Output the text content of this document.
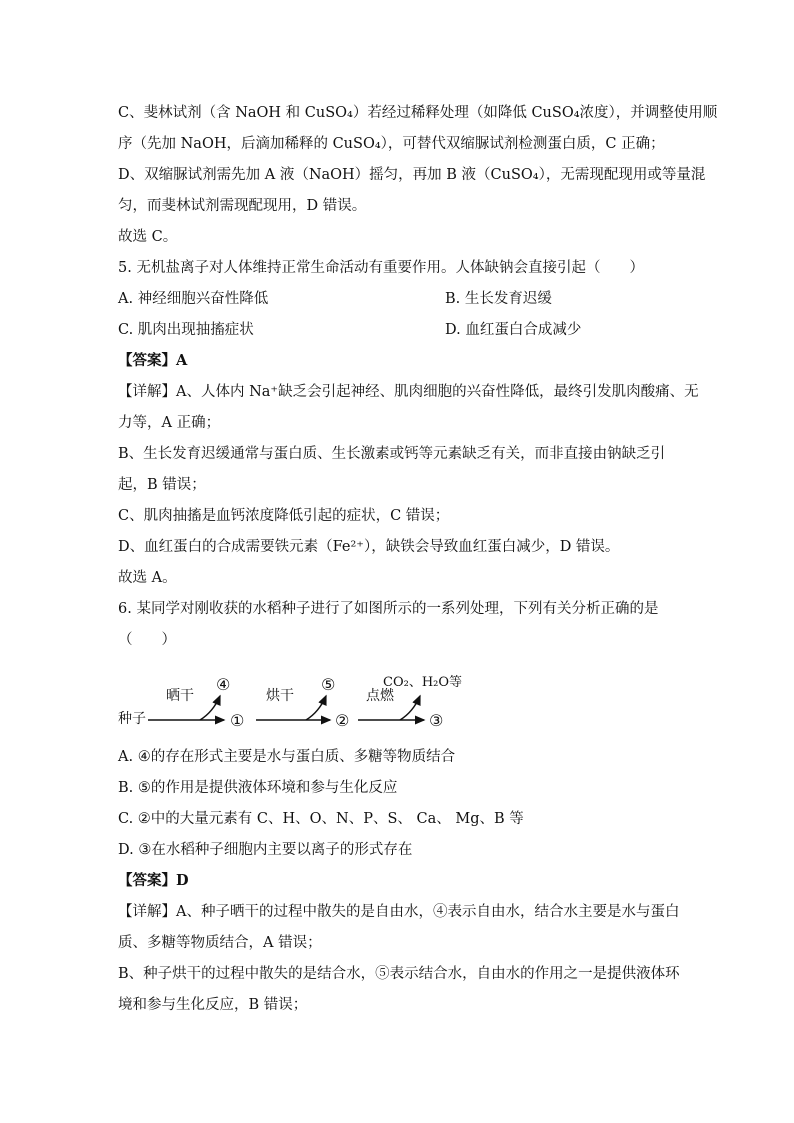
C、斐林试剂（含 NaOH 和 CuSO₄）若经过稀释处理（如降低 CuSO₄浓度），并调整使用顺
序（先加 NaOH，后滴加稀释的 CuSO₄），可替代双缩脲试剂检测蛋白质，C 正确；
D、双缩脲试剂需先加 A 液（NaOH）摇匀，再加 B 液（CuSO₄），无需现配现用或等量混
匀，而斐林试剂需现配现用，D 错误。
故选 C。
5. 无机盐离子对人体维持正常生命活动有重要作用。人体缺钠会直接引起（　　）
A. 神经细胞兴奋性降低	B. 生长发育迟缓
C. 肌肉出现抽搐症状	D. 血红蛋白合成减少
【答案】A
【详解】A、人体内 Na⁺缺乏会引起神经、肌肉细胞的兴奋性降低，最终引发肌肉酸痛、无
力等，A 正确；
B、生长发育迟缓通常与蛋白质、生长激素或钙等元素缺乏有关，而非直接由钠缺乏引
起，B 错误；
C、肌肉抽搐是血钙浓度降低引起的症状，C 错误；
D、血红蛋白的合成需要铁元素（Fe²⁺），缺铁会导致血红蛋白减少，D 错误。
故选 A。
6. 某同学对刚收获的水稻种子进行了如图所示的一系列处理，下列有关分析正确的是
（　　）
种子
晒干
④
①
烘干
⑤
②
点燃
CO₂、H₂O等
③
A. ④的存在形式主要是水与蛋白质、多糖等物质结合
B. ⑤的作用是提供液体环境和参与生化反应
C. ②中的大量元素有 C、H、O、N、P、S、 Ca、 Mg、B 等
D. ③在水稻种子细胞内主要以离子的形式存在
【答案】D
【详解】A、种子晒干的过程中散失的是自由水，④表示自由水，结合水主要是水与蛋白
质、多糖等物质结合，A 错误；
B、种子烘干的过程中散失的是结合水，⑤表示结合水，自由水的作用之一是提供液体环
境和参与生化反应，B 错误；
